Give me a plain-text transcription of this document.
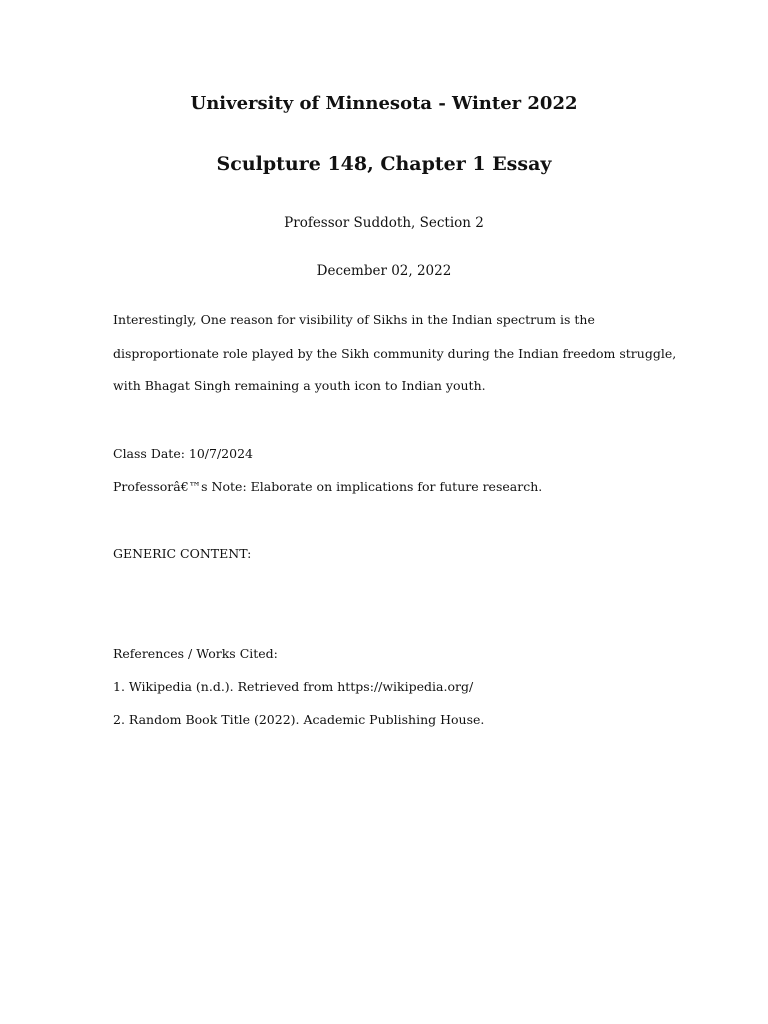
University of Minnesota - Winter 2022
Sculpture 148, Chapter 1 Essay
Professor Suddoth, Section 2
December 02, 2022
Interestingly, One reason for visibility of Sikhs in the Indian spectrum is the
disproportionate role played by the Sikh community during the Indian freedom struggle,
with Bhagat Singh remaining a youth icon to Indian youth.
Class Date: 10/7/2024
Professorâ€™s Note: Elaborate on implications for future research.
GENERIC CONTENT:
References / Works Cited:
1. Wikipedia (n.d.). Retrieved from https://wikipedia.org/
2. Random Book Title (2022). Academic Publishing House.
